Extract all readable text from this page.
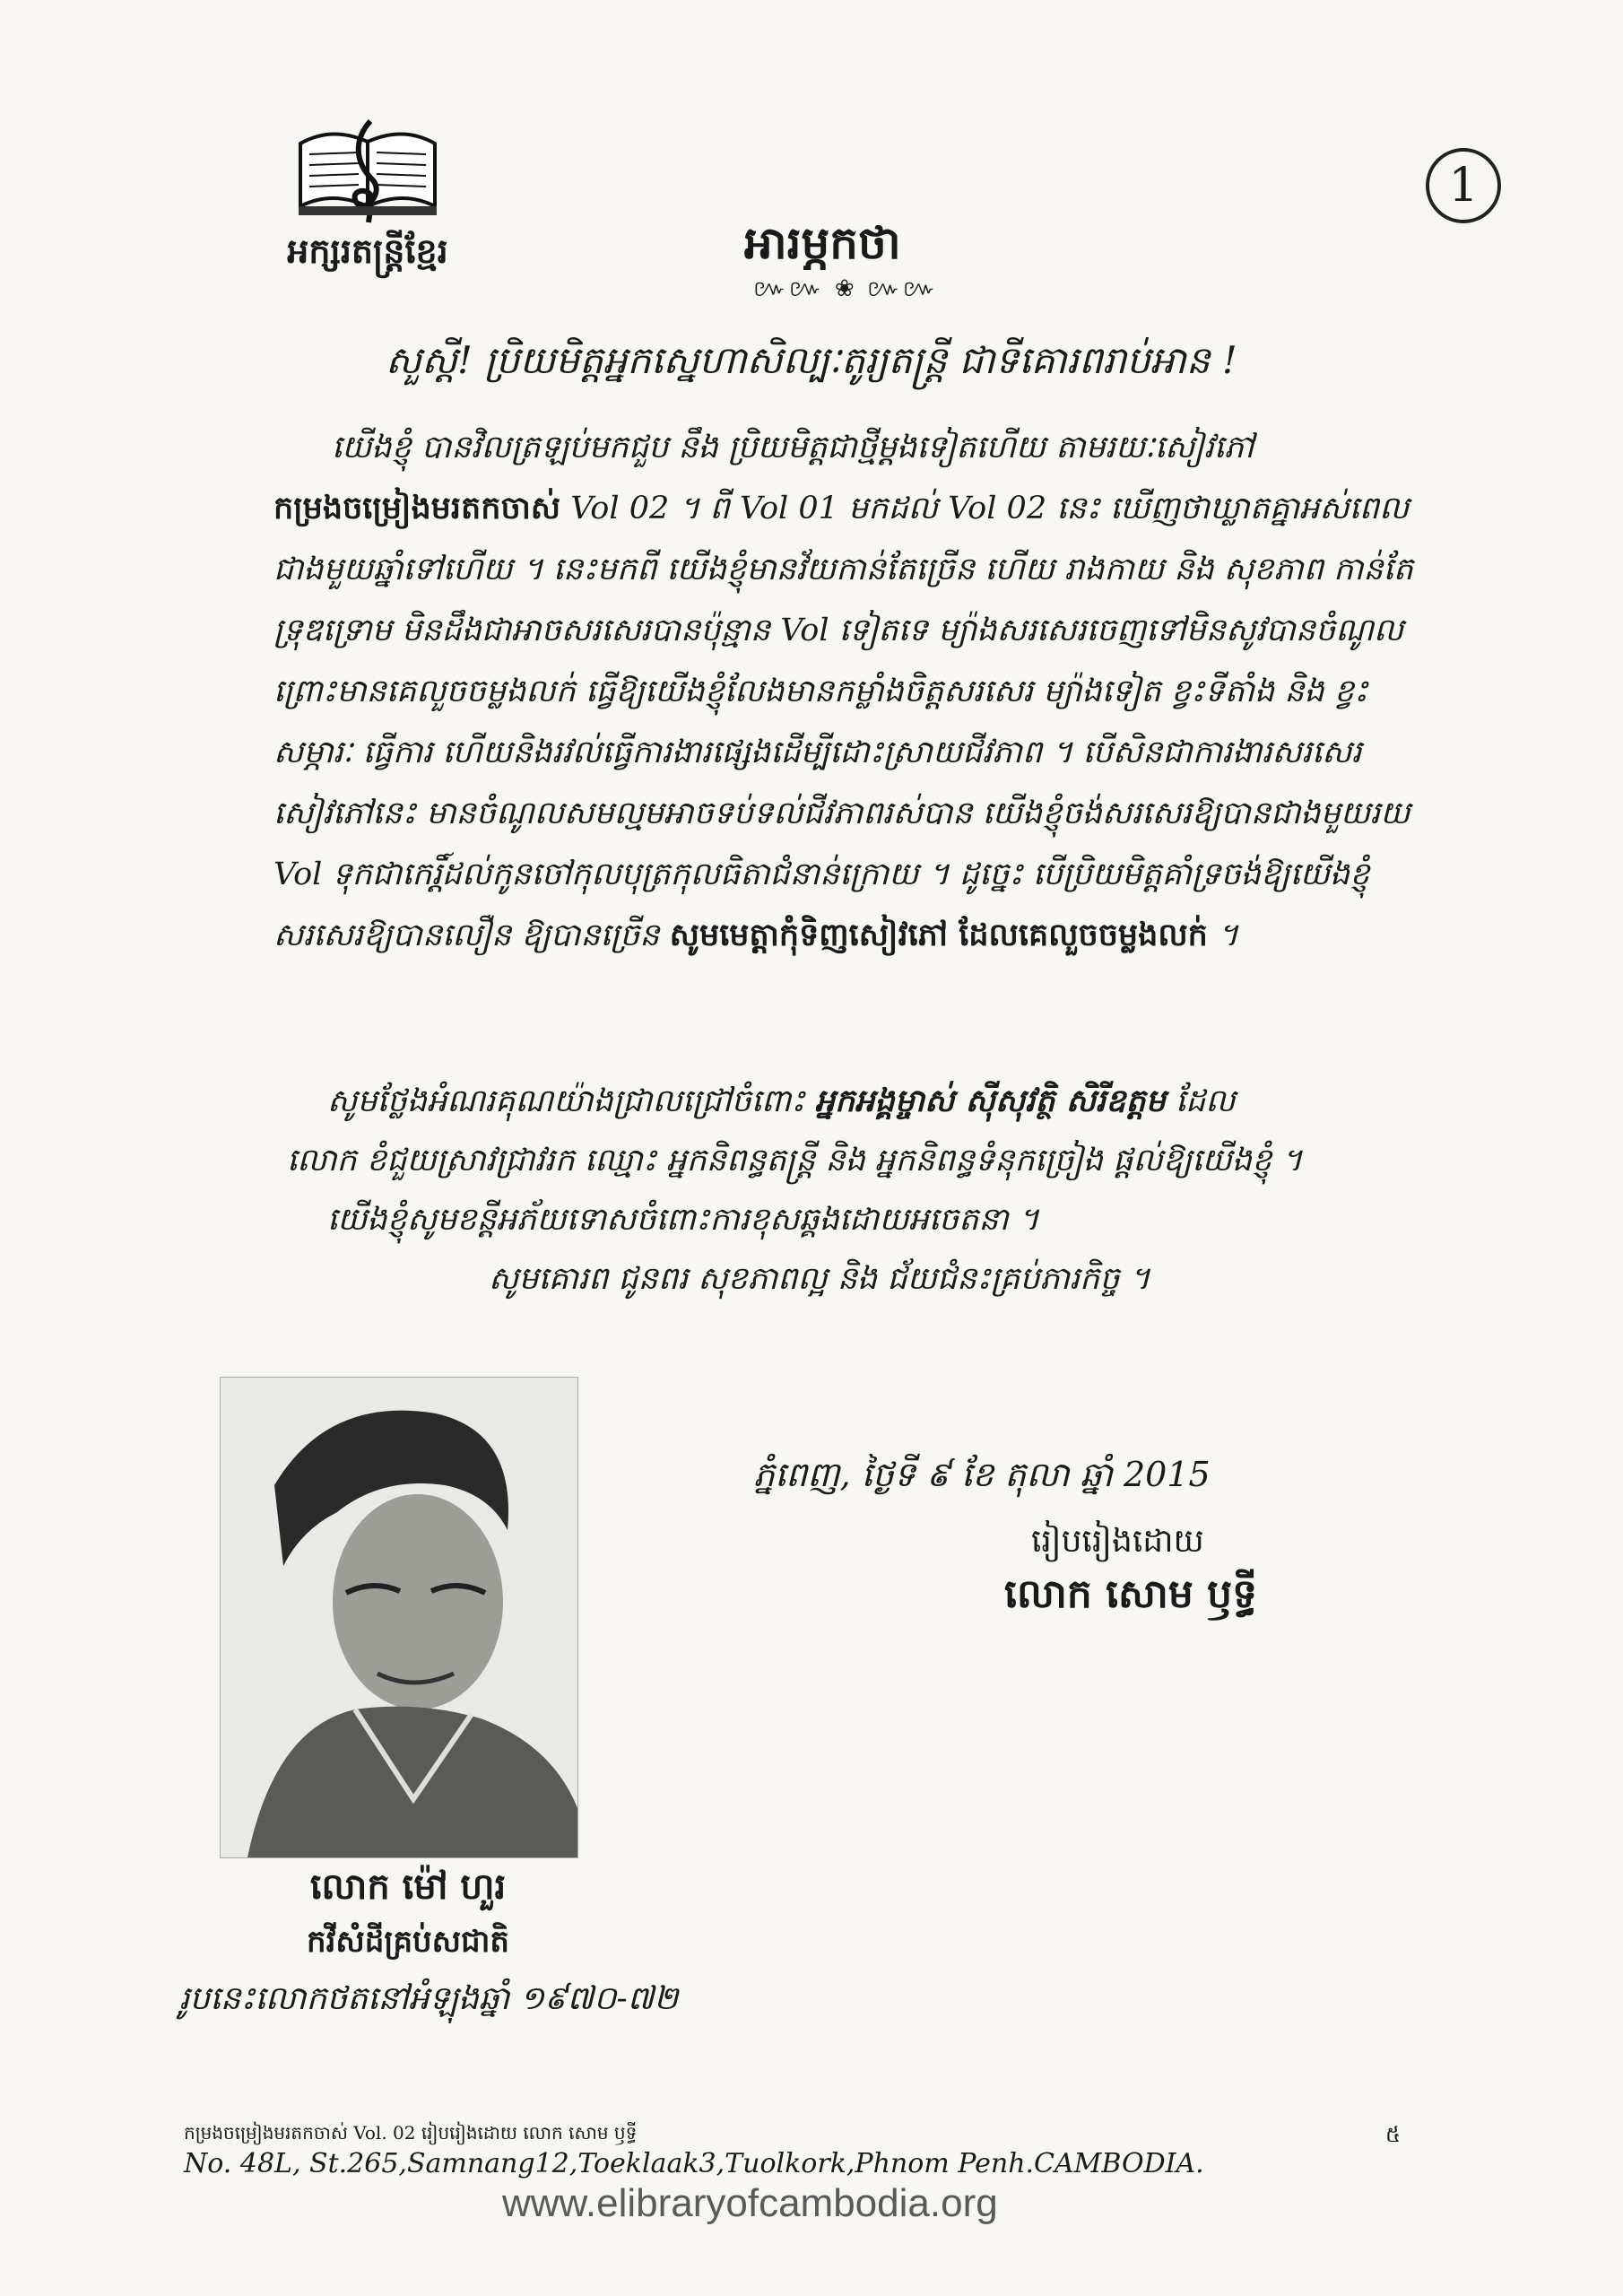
អក្សរតន្ត្រីខ្មែរ
1
អារម្ភកថា
៚៚ ❀ ៚៚
សួស្តី! ប្រិយមិត្តអ្នកស្នេហាសិល្បៈតូរ្យតន្ត្រី ជាទីគោរពរាប់អាន !

យើងខ្ញុំ បានវិលត្រឡប់មកជួប នឹង ប្រិយមិត្តជាថ្មីម្តងទៀតហើយ តាមរយៈសៀវភៅ

កម្រងចម្រៀងមរតកចាស់ Vol 02 ។ ពី Vol 01 មកដល់ Vol 02 នេះ ឃើញថាឃ្លាតគ្នាអស់ពេលជាងមួយឆ្នាំទៅហើយ ។ នេះមកពី យើងខ្ញុំមានវ័យកាន់តែច្រើន ហើយ រាងកាយ និង សុខភាព កាន់តែទ្រុឌទ្រោម មិនដឹងជាអាចសរសេរបានប៉ុន្មាន Vol ទៀតទេ ម្យ៉ាងសរសេរចេញទៅមិនសូវបានចំណូល ព្រោះមានគេលួចចម្លងលក់ ធ្វើឱ្យយើងខ្ញុំលែងមានកម្លាំងចិត្តសរសេរ ម្យ៉ាងទៀត ខ្វះទីតាំង និង ខ្វះសម្ភារៈ ធ្វើការ ហើយនិងរវល់ធ្វើការងារផ្សេងដើម្បីដោះស្រាយជីវភាព ។ បើសិនជាការងារសរសេរសៀវភៅនេះ មានចំណូលសមល្មមអាចទប់ទល់ជីវភាពរស់បាន យើងខ្ញុំចង់សរសេរឱ្យបានជាងមួយរយ Vol ទុកជាកេរ្តិ៍ដល់កូនចៅកុលបុត្រកុលធិតាជំនាន់ក្រោយ ។ ដូច្នេះ បើប្រិយមិត្តគាំទ្រចង់ឱ្យយើងខ្ញុំសរសេរឱ្យបានលឿន ឱ្យបានច្រើន សូមមេត្តាកុំទិញសៀវភៅ ដែលគេលួចចម្លងលក់ ។

សូមថ្លែងអំណរគុណយ៉ាងជ្រាលជ្រៅចំពោះ អ្នកអង្គម្ចាស់ ស៊ីសុវត្ថិ សិរីឧត្តម ដែល
លោក ខំជួយស្រាវជ្រាវរក ឈ្មោះ អ្នកនិពន្ធតន្ត្រី និង អ្នកនិពន្ធទំនុកច្រៀង ផ្តល់ឱ្យយើងខ្ញុំ ។
យើងខ្ញុំសូមខន្តីអភ័យទោសចំពោះការខុសឆ្គងដោយអចេតនា ។
សូមគោរព ជូនពរ សុខភាពល្អ និង ជ័យជំនះគ្រប់ភារកិច្ច ។
លោក ម៉ៅ ហួរ
កវីសំដីគ្រប់សជាតិ
រូបនេះលោកថតនៅអំឡុងឆ្នាំ ១៩៧០-៧២
ភ្នំពេញ, ថ្ងៃទី ៩ ខែ តុលា ឆ្នាំ 2015
រៀបរៀងដោយ
លោក សោម ឫទ្ធី
កម្រងចម្រៀងមរតកចាស់ Vol. 02 រៀបរៀងដោយ លោក សោម ឫទ្ធី	៥
No. 48L, St.265,Samnang12,Toeklaak3,Tuolkork,Phnom Penh.CAMBODIA.
www.elibraryofcambodia.org
